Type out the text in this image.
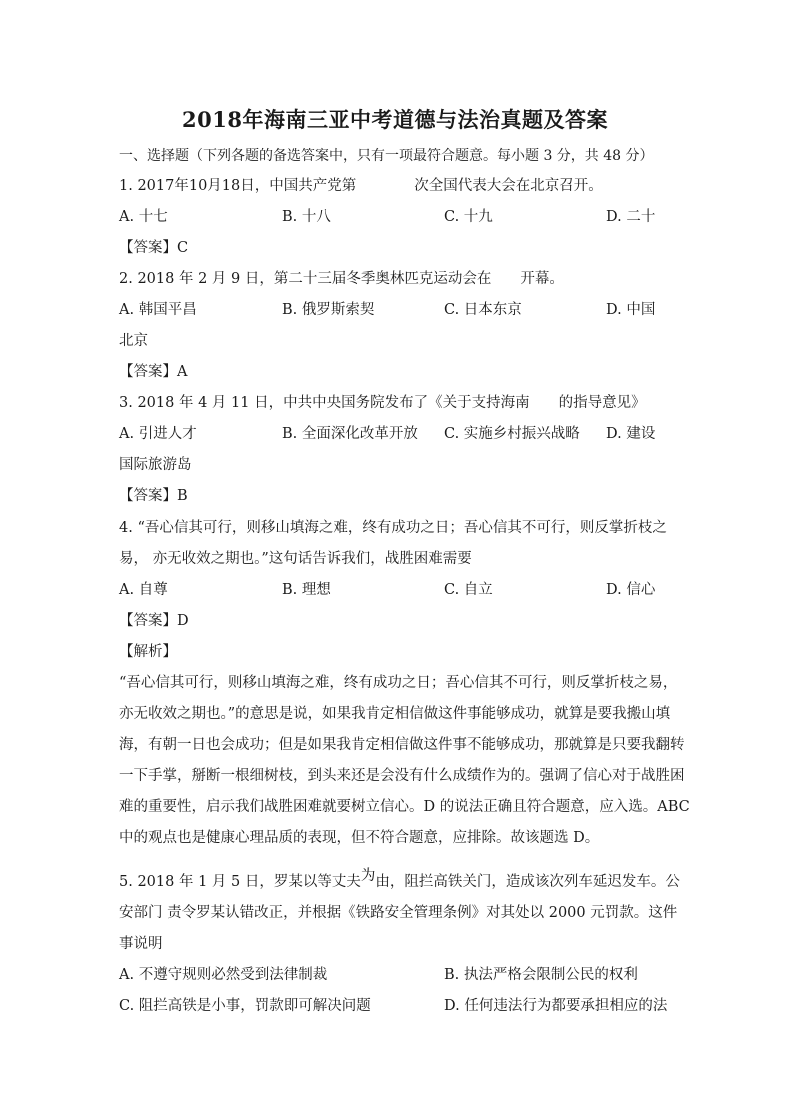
2018年海南三亚中考道德与法治真题及答案
一、选择题（下列各题的备选答案中，只有一项最符合题意。每小题 3 分，共 48 分）
1. 2017年10月18日，中国共产党第　　　　次全国代表大会在北京召开。
A. 十七	B. 十八	C. 十九	D. 二十
【答案】C
2. 2018 年 2 月 9 日，第二十三届冬季奥林匹克运动会在　　开幕。
A. 韩国平昌	B. 俄罗斯索契	C. 日本东京	D. 中国
北京
【答案】A
3. 2018 年 4 月 11 日，中共中央国务院发布了《关于支持海南　　的指导意见》
A. 引进人才	B. 全面深化改革开放 C. 实施乡村振兴战略 D. 建设
国际旅游岛
【答案】B
4. “吾心信其可行，则移山填海之难，终有成功之日；吾心信其不可行，则反掌折枝之
易， 亦无收效之期也。”这句话告诉我们，战胜困难需要
A. 自尊	B. 理想	C. 自立	D. 信心
【答案】D
【解析】
“吾心信其可行，则移山填海之难，终有成功之日；吾心信其不可行，则反掌折枝之易，
亦无收效之期也。”的意思是说，如果我肯定相信做这件事能够成功，就算是要我搬山填
海，有朝一日也会成功；但是如果我肯定相信做这件事不能够成功，那就算是只要我翻转
一下手掌，掰断一根细树枝，到头来还是会没有什么成绩作为的。强调了信心对于战胜困
难的重要性，启示我们战胜困难就要树立信心。D 的说法正确且符合题意，应入选。ABC
中的观点也是健康心理品质的表现，但不符合题意，应排除。故该题选 D。
5. 2018 年 1 月 5 日，罗某以等丈夫为由，阻拦高铁关门，造成该次列车延迟发车。公
安部门 责令罗某认错改正，并根据《铁路安全管理条例》对其处以 2000 元罚款。这件
事说明
A. 不遵守规则必然受到法律制裁	B. 执法严格会限制公民的权利
C. 阻拦高铁是小事，罚款即可解决问题	D. 任何违法行为都要承担相应的法
